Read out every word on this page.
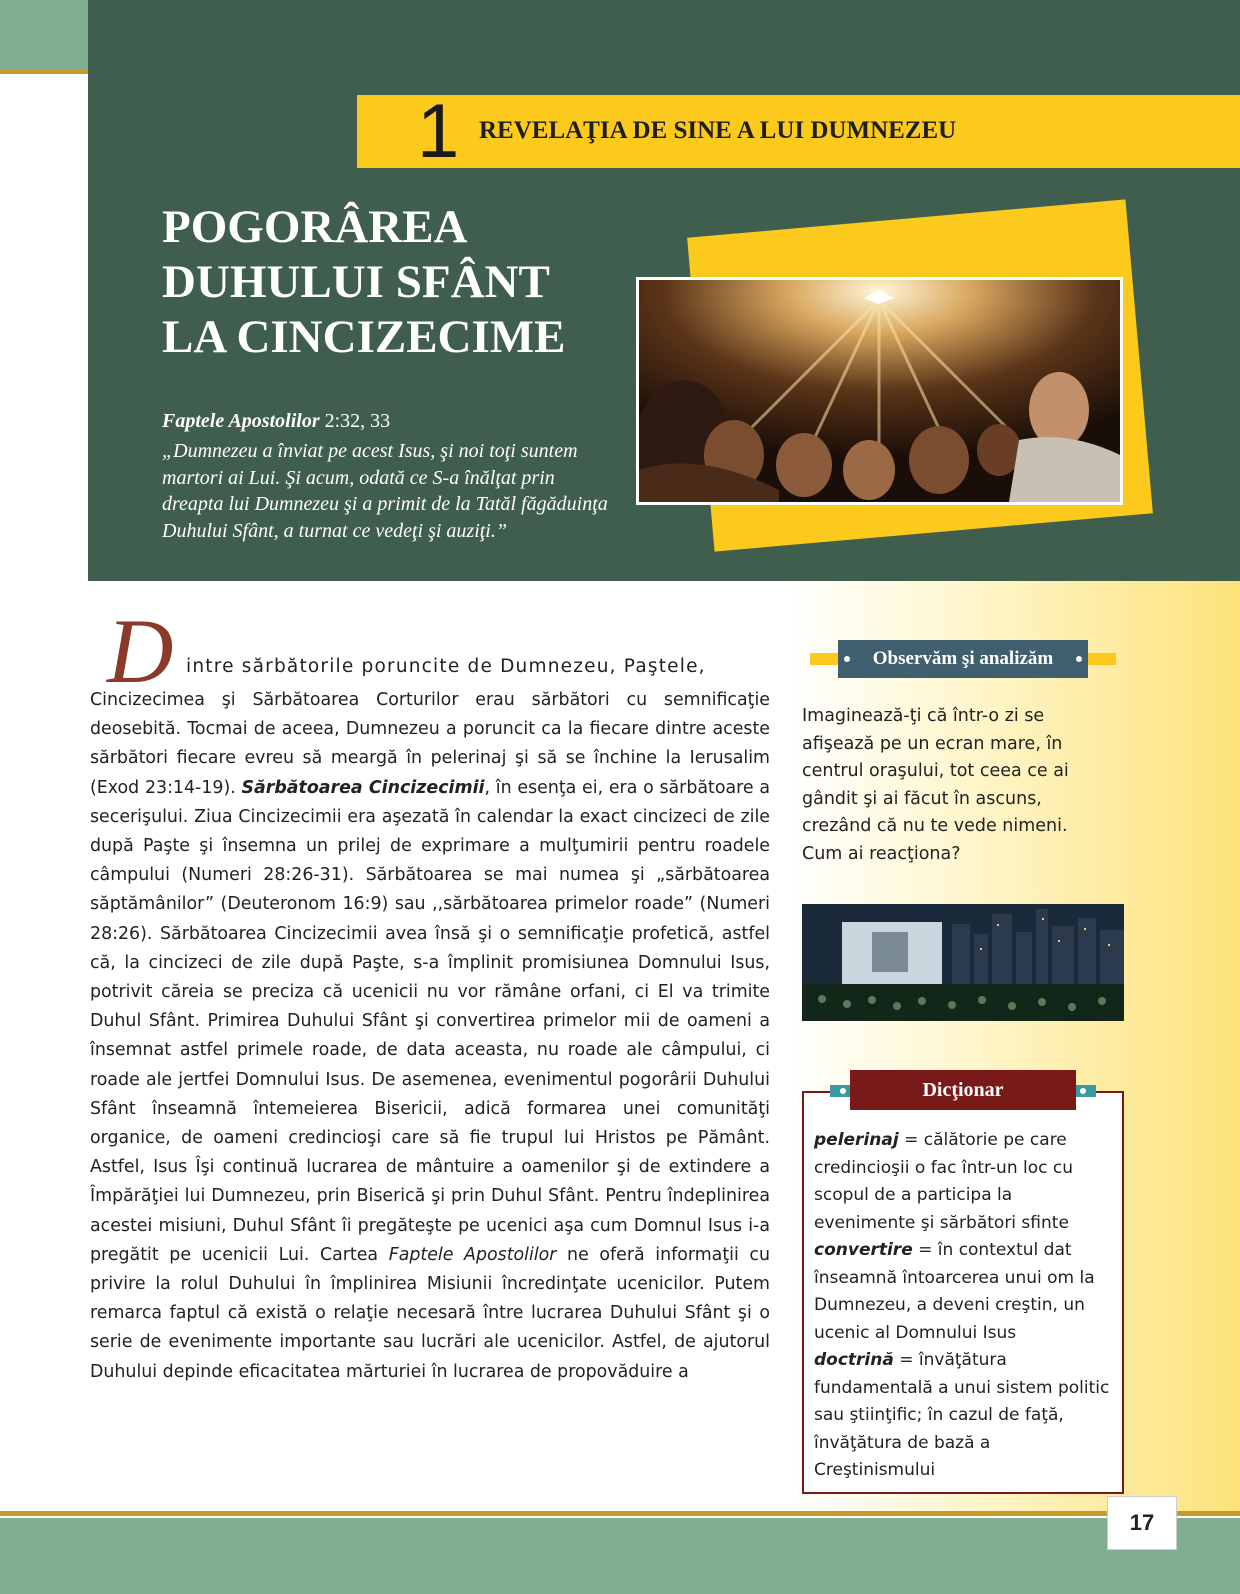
1 REVELAŢIA DE SINE A LUI DUMNEZEU
POGORÂREA
DUHULUI SFÂNT
LA CINCIZECIME
Faptele Apostolilor 2:32, 33
„Dumnezeu a înviat pe acest Isus, şi noi toţi suntem martori ai Lui. Şi acum, odată ce S-a înălţat prin dreapta lui Dumnezeu şi a primit de la Tatăl făgăduinţa Duhului Sfânt, a turnat ce vedeţi şi auziţi.”
D intre sărbătorile poruncite de Dumnezeu, Paştele,

Cincizecimea şi Sărbătoarea Corturilor erau sărbători cu semnificaţie deosebită. Tocmai de aceea, Dumnezeu a poruncit ca la fiecare dintre aceste sărbători fiecare evreu să meargă în pelerinaj şi să se închine la Ierusalim (Exod 23:14-19). Sărbătoarea Cincizecimii, în esenţa ei, era o sărbătoare a secerişului. Ziua Cincizecimii era aşezată în calendar la exact cincizeci de zile după Paşte şi însemna un prilej de exprimare a mulţumirii pentru roadele câmpului (Numeri 28:26-31). Sărbătoarea se mai numea şi „sărbătoarea săptămânilor” (Deuteronom 16:9) sau ,,sărbătoarea primelor roade” (Numeri 28:26). Sărbătoarea Cincizecimii avea însă şi o semnificaţie profetică, astfel că, la cincizeci de zile după Paşte, s-a împlinit promisiunea Domnului Isus, potrivit căreia se preciza că ucenicii nu vor rămâne orfani, ci El va trimite Duhul Sfânt. Primirea Duhului Sfânt şi convertirea primelor mii de oameni a însemnat astfel primele roade, de data aceasta, nu roade ale câmpului, ci roade ale jertfei Domnului Isus. De asemenea, evenimentul pogorârii Duhului Sfânt înseamnă întemeierea Bisericii, adică formarea unei comunităţi organice, de oameni credincioşi care să fie trupul lui Hristos pe Pământ. Astfel, Isus Îşi continuă lucrarea de mântuire a oamenilor şi de extindere a Împărăţiei lui Dumnezeu, prin Biserică şi prin Duhul Sfânt. Pentru îndeplinirea acestei misiuni, Duhul Sfânt îi pregăteşte pe ucenici aşa cum Domnul Isus i-a pregătit pe ucenicii Lui. Cartea Faptele Apostolilor ne oferă informaţii cu privire la rolul Duhului în împlinirea Misiunii încredinţate ucenicilor. Putem remarca faptul că există o relaţie necesară între lucrarea Duhului Sfânt şi o serie de evenimente importante sau lucrări ale ucenicilor. Astfel, de ajutorul Duhului depinde eficacitatea mărturiei în lucrarea de propovăduire a

Observăm şi analizăm
Imaginează-ţi că într-o zi se afişează pe un ecran mare, în centrul oraşului, tot ceea ce ai gândit şi ai făcut în ascuns, crezând că nu te vede nimeni. Cum ai reacţiona?
Dicţionar
pelerinaj = călătorie pe care credincioşii o fac într-un loc cu scopul de a participa la evenimente şi sărbători sfinte
convertire = în contextul dat înseamnă întoarcerea unui om la Dumnezeu, a deveni creştin, un ucenic al Domnului Isus
doctrină = învăţătura fundamentală a unui sistem politic sau ştiinţific; în cazul de faţă, învăţătura de bază a Creştinismului
17
